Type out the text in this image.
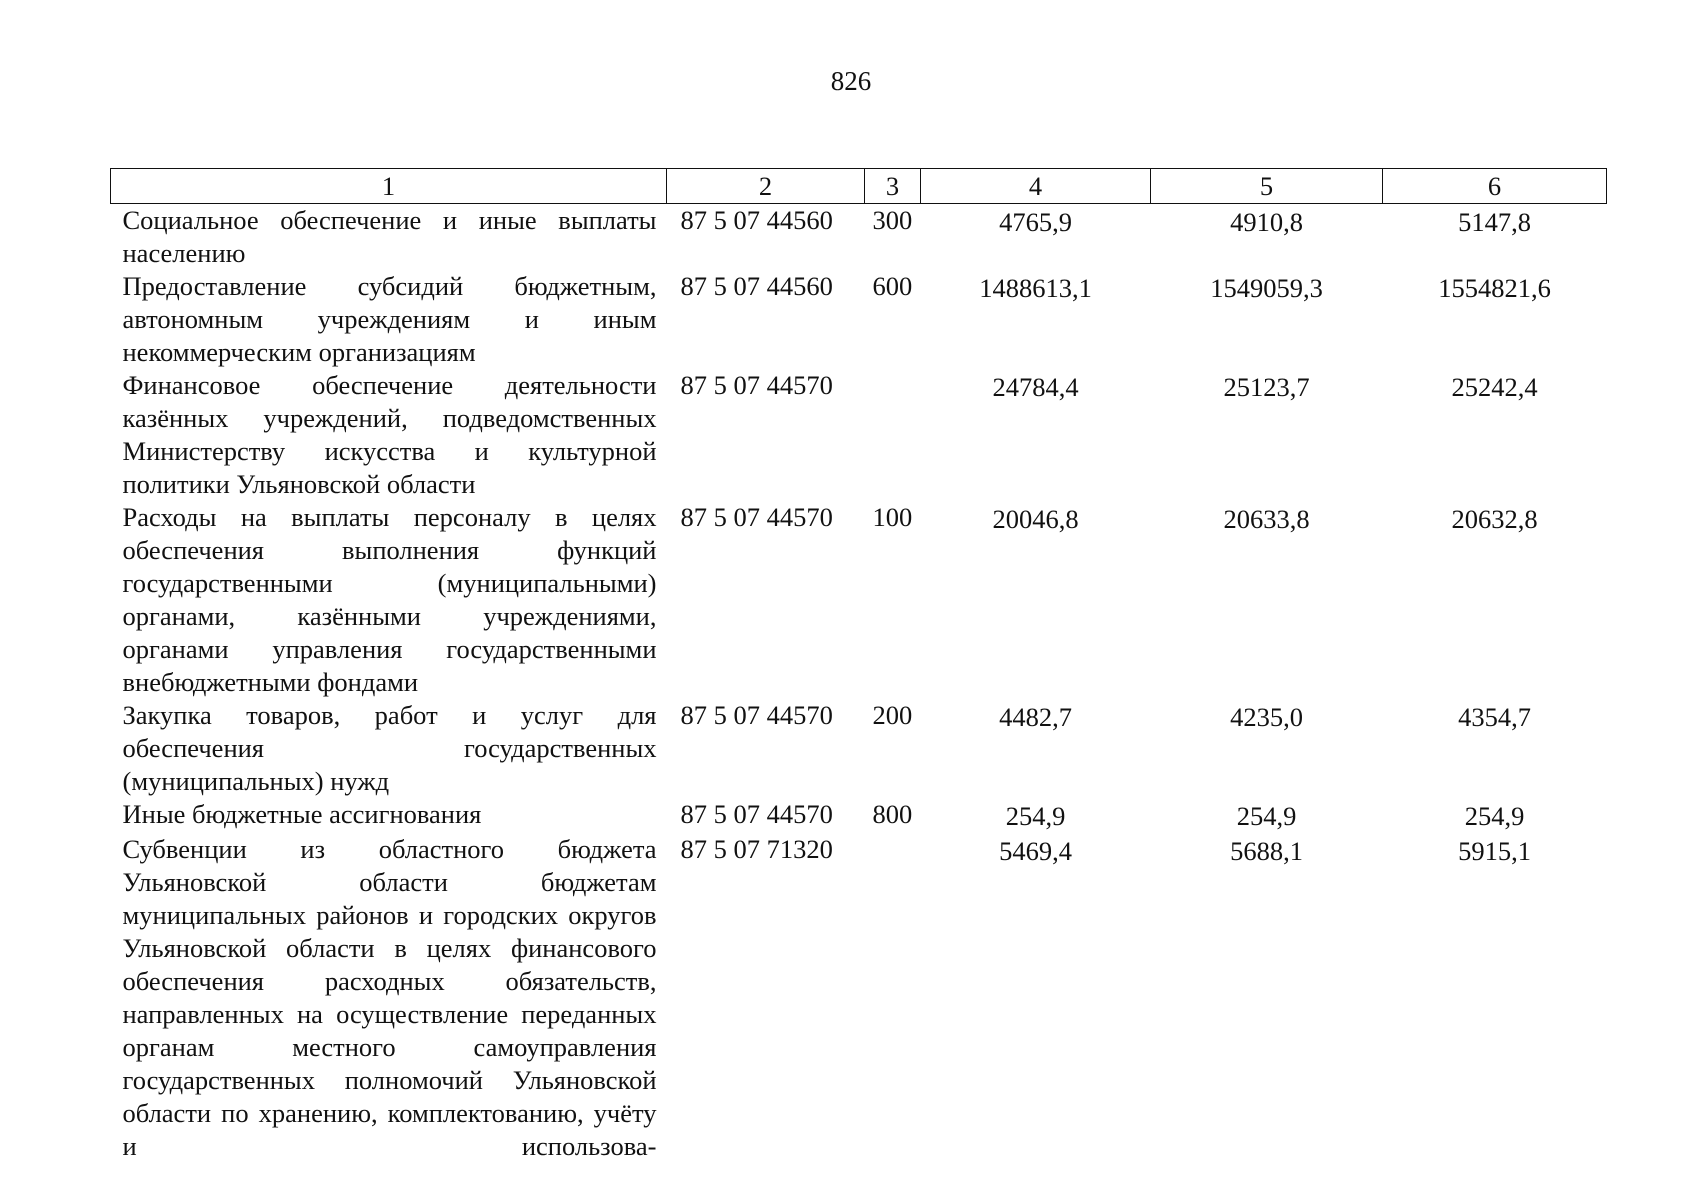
826
1	2	3	4	5	6
Социальное обеспечение и иные выплаты населению	87 5 07 44560	300	4765,9	4910,8	5147,8
Предоставление субсидий бюджетным, автономным учреждениям и иным некоммерческим организациям	87 5 07 44560	600	1488613,1	1549059,3	1554821,6
Финансовое обеспечение деятельности казённых учреждений, подведомственных Министерству искусства и культурной политики Ульяновской области	87 5 07 44570		24784,4	25123,7	25242,4
Расходы на выплаты персоналу в целях обеспечения выполнения функций государственными (муниципальными) органами, казёнными учреждениями, органами управления государственными внебюджетными фондами	87 5 07 44570	100	20046,8	20633,8	20632,8
Закупка товаров, работ и услуг для обеспечения государственных (муниципальных) нужд	87 5 07 44570	200	4482,7	4235,0	4354,7
Иные бюджетные ассигнования	87 5 07 44570	800	254,9	254,9	254,9
Субвенции из областного бюджета Ульяновской области бюджетам муниципальных районов и городских округов Ульяновской области в целях финансового обеспечения расходных обязательств, направленных на осуществление переданных органам местного самоуправления государственных полномочий Ульяновской области по хранению, комплектованию, учёту и использова-	87 5 07 71320		5469,4	5688,1	5915,1
